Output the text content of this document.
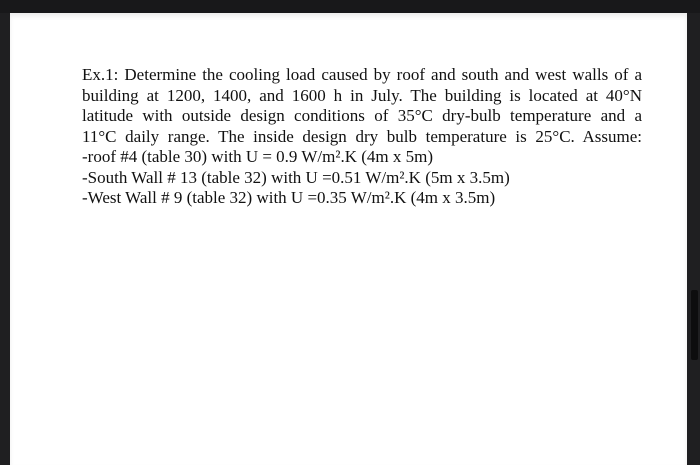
Ex.1: Determine the cooling load caused by roof and south and west walls of a
building at 1200, 1400, and 1600 h in July. The building is located at 40°N
latitude with outside design conditions of 35°C dry-bulb temperature and a
11°C daily range. The inside design dry bulb temperature is 25°C. Assume:
-roof #4 (table 30) with U = 0.9 W/m².K (4m x 5m)
-South Wall # 13 (table 32) with U =0.51 W/m².K (5m x 3.5m)
-West Wall # 9 (table 32) with U =0.35 W/m².K (4m x 3.5m)
